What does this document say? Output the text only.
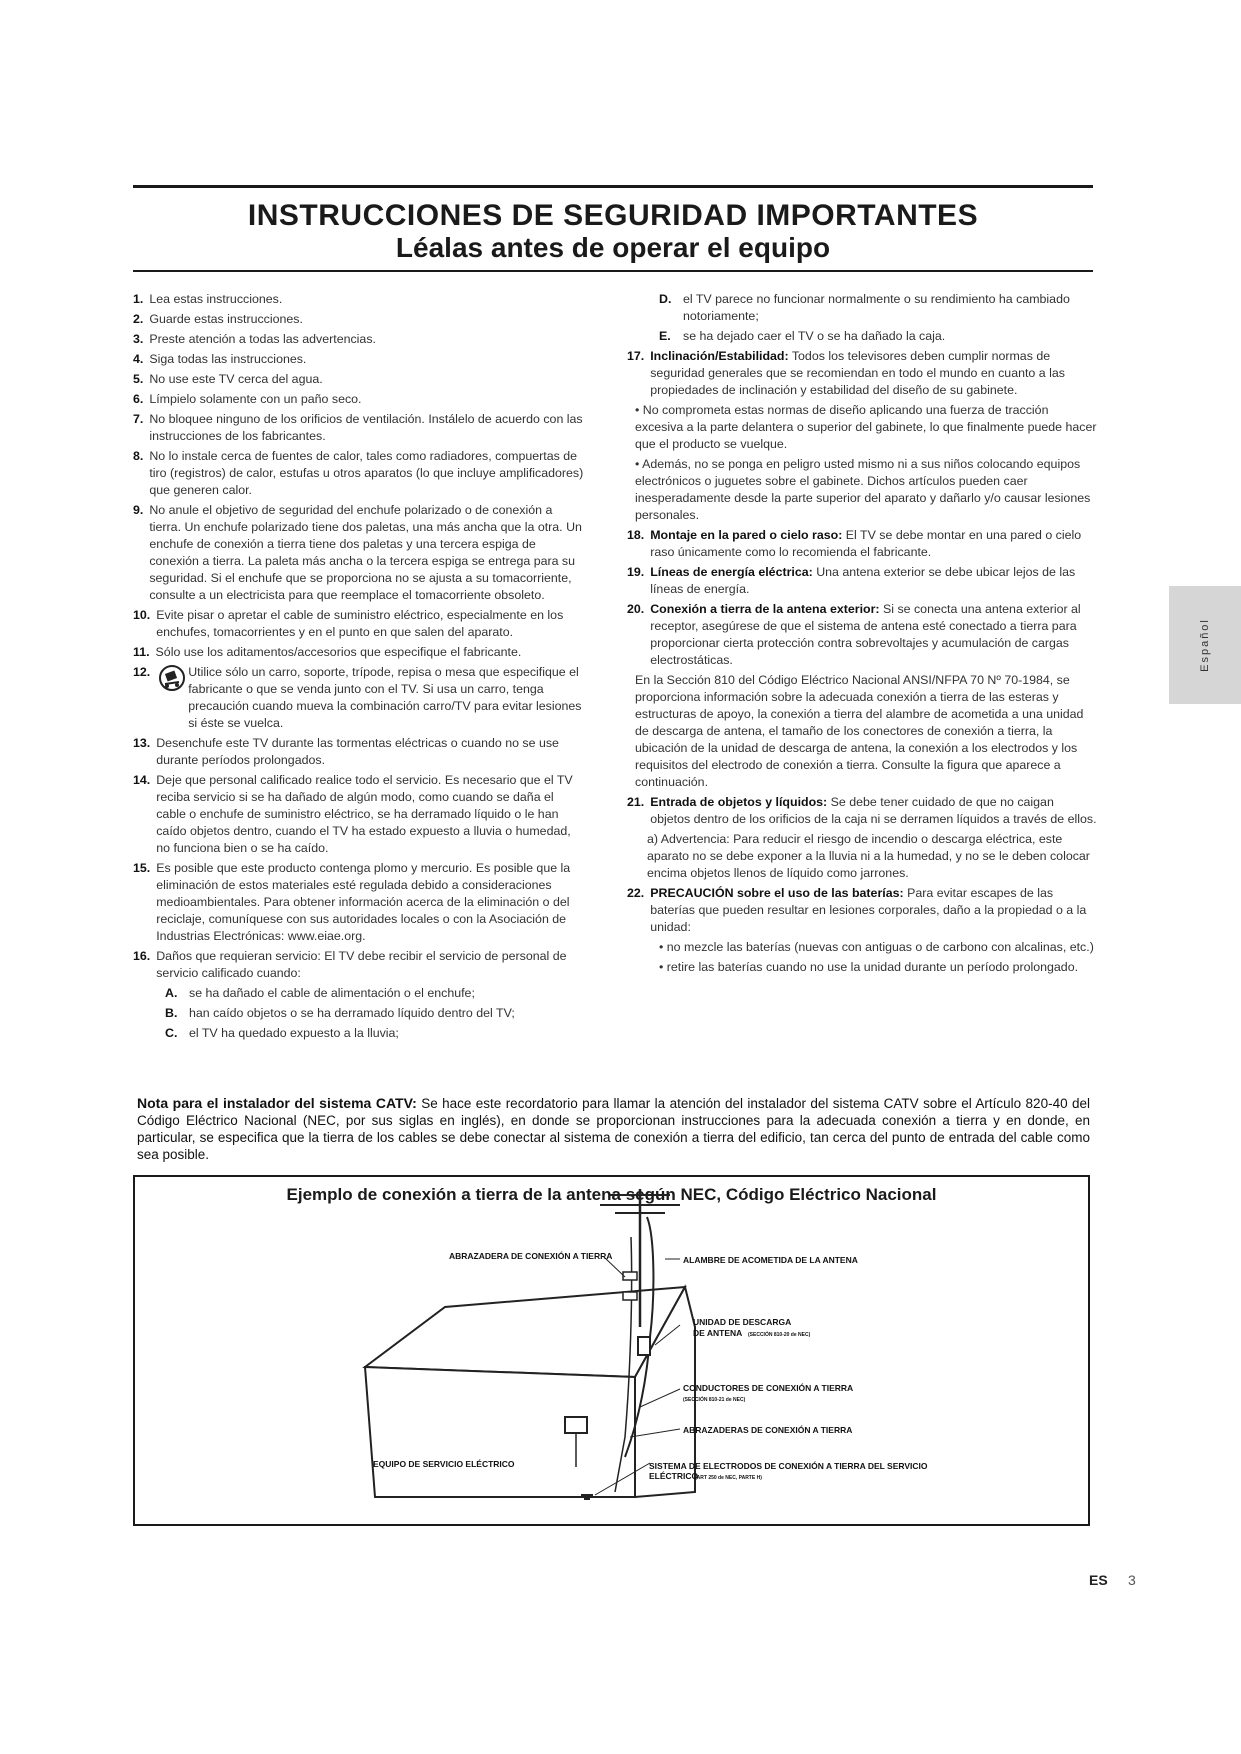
INSTRUCCIONES DE SEGURIDAD IMPORTANTES
Léalas antes de operar el equipo
1. Lea estas instrucciones.
2. Guarde estas instrucciones.
3. Preste atención a todas las advertencias.
4. Siga todas las instrucciones.
5. No use este TV cerca del agua.
6. Límpielo solamente con un paño seco.
7. No bloquee ninguno de los orificios de ventilación. Instálelo de acuerdo con las instrucciones de los fabricantes.
8. No lo instale cerca de fuentes de calor, tales como radiadores, compuertas de tiro (registros) de calor, estufas u otros aparatos (lo que incluye amplificadores) que generen calor.
9. No anule el objetivo de seguridad del enchufe polarizado o de conexión a tierra. Un enchufe polarizado tiene dos paletas, una más ancha que la otra. Un enchufe de conexión a tierra tiene dos paletas y una tercera espiga de conexión a tierra. La paleta más ancha o la tercera espiga se entrega para su seguridad. Si el enchufe que se proporciona no se ajusta a su tomacorriente, consulte a un electricista para que reemplace el tomacorriente obsoleto.
10. Evite pisar o apretar el cable de suministro eléctrico, especialmente en los enchufes, tomacorrientes y en el punto en que salen del aparato.
11. Sólo use los aditamentos/accesorios que especifique el fabricante.
12.	Utilice sólo un carro, soporte, trípode, repisa o mesa que especifique el fabricante o que se venda junto con el TV. Si usa un carro, tenga precaución cuando mueva la combinación carro/TV para evitar lesiones si éste se vuelca.
13. Desenchufe este TV durante las tormentas eléctricas o cuando no se use durante períodos prolongados.
14. Deje que personal calificado realice todo el servicio. Es necesario que el TV reciba servicio si se ha dañado de algún modo, como cuando se daña el cable o enchufe de suministro eléctrico, se ha derramado líquido o le han caído objetos dentro, cuando el TV ha estado expuesto a lluvia o humedad, no funciona bien o se ha caído.
15. Es posible que este producto contenga plomo y mercurio. Es posible que la eliminación de estos materiales esté regulada debido a consideraciones medioambientales. Para obtener información acerca de la eliminación o del reciclaje, comuníquese con sus autoridades locales o con la Asociación de Industrias Electrónicas: www.eiae.org.
16. Daños que requieran servicio: El TV debe recibir el servicio de personal de servicio calificado cuando:
A. se ha dañado el cable de alimentación o el enchufe;
B. han caído objetos o se ha derramado líquido dentro del TV;
C. el TV ha quedado expuesto a la lluvia;
D. el TV parece no funcionar normalmente o su rendimiento ha cambiado notoriamente;
E. se ha dejado caer el TV o se ha dañado la caja.
17. Inclinación/Estabilidad: Todos los televisores deben cumplir normas de seguridad generales que se recomiendan en todo el mundo en cuanto a las propiedades de inclinación y estabilidad del diseño de su gabinete.
• No comprometa estas normas de diseño aplicando una fuerza de tracción excesiva a la parte delantera o superior del gabinete, lo que finalmente puede hacer que el producto se vuelque.
• Además, no se ponga en peligro usted mismo ni a sus niños colocando equipos electrónicos o juguetes sobre el gabinete. Dichos artículos pueden caer inesperadamente desde la parte superior del aparato y dañarlo y/o causar lesiones personales.
18. Montaje en la pared o cielo raso: El TV se debe montar en una pared o cielo raso únicamente como lo recomienda el fabricante.
19. Líneas de energía eléctrica: Una antena exterior se debe ubicar lejos de las líneas de energía.
20. Conexión a tierra de la antena exterior: Si se conecta una antena exterior al receptor, asegúrese de que el sistema de antena esté conectado a tierra para proporcionar cierta protección contra sobrevoltajes y acumulación de cargas electrostáticas.
En la Sección 810 del Código Eléctrico Nacional ANSI/NFPA 70 Nº 70-1984, se proporciona información sobre la adecuada conexión a tierra de las esteras y estructuras de apoyo, la conexión a tierra del alambre de acometida a una unidad de descarga de antena, el tamaño de los conectores de conexión a tierra, la ubicación de la unidad de descarga de antena, la conexión a los electrodos y los requisitos del electrodo de conexión a tierra. Consulte la figura que aparece a continuación.
21. Entrada de objetos y líquidos: Se debe tener cuidado de que no caigan objetos dentro de los orificios de la caja ni se derramen líquidos a través de ellos.
a) Advertencia: Para reducir el riesgo de incendio o descarga eléctrica, este aparato no se debe exponer a la lluvia ni a la humedad, y no se le deben colocar encima objetos llenos de líquido como jarrones.
22. PRECAUCIÓN sobre el uso de las baterías: Para evitar escapes de las baterías que pueden resultar en lesiones corporales, daño a la propiedad o a la unidad:
• no mezcle las baterías (nuevas con antiguas o de carbono con alcalinas, etc.)
• retire las baterías cuando no use la unidad durante un período prolongado.
Español
Nota para el instalador del sistema CATV: Se hace este recordatorio para llamar la atención del instalador del sistema CATV sobre el Artículo 820-40 del Código Eléctrico Nacional (NEC, por sus siglas en inglés), en donde se proporcionan instrucciones para la adecuada conexión a tierra y en donde, en particular, se especifica que la tierra de los cables se debe conectar al sistema de conexión a tierra del edificio, tan cerca del punto de entrada del cable como sea posible.
Ejemplo de conexión a tierra de la antena según NEC, Código Eléctrico Nacional
ABRAZADERA DE CONEXIÓN A TIERRA	ALAMBRE DE ACOMETIDA DE LA ANTENA
UNIDAD DE DESCARGA
DE ANTENA (SECCIÓN 810-20 de NEC)
CONDUCTORES DE CONEXIÓN A TIERRA
(SECCIÓN 810-21 de NEC)
ABRAZADERAS DE CONEXIÓN A TIERRA
EQUIPO DE SERVICIO ELÉCTRICO	SISTEMA DE ELECTRODOS DE CONEXIÓN A TIERRA DEL SERVICIO
ELÉCTRICO
(ART 250 de NEC, PARTE H)
ES 3
